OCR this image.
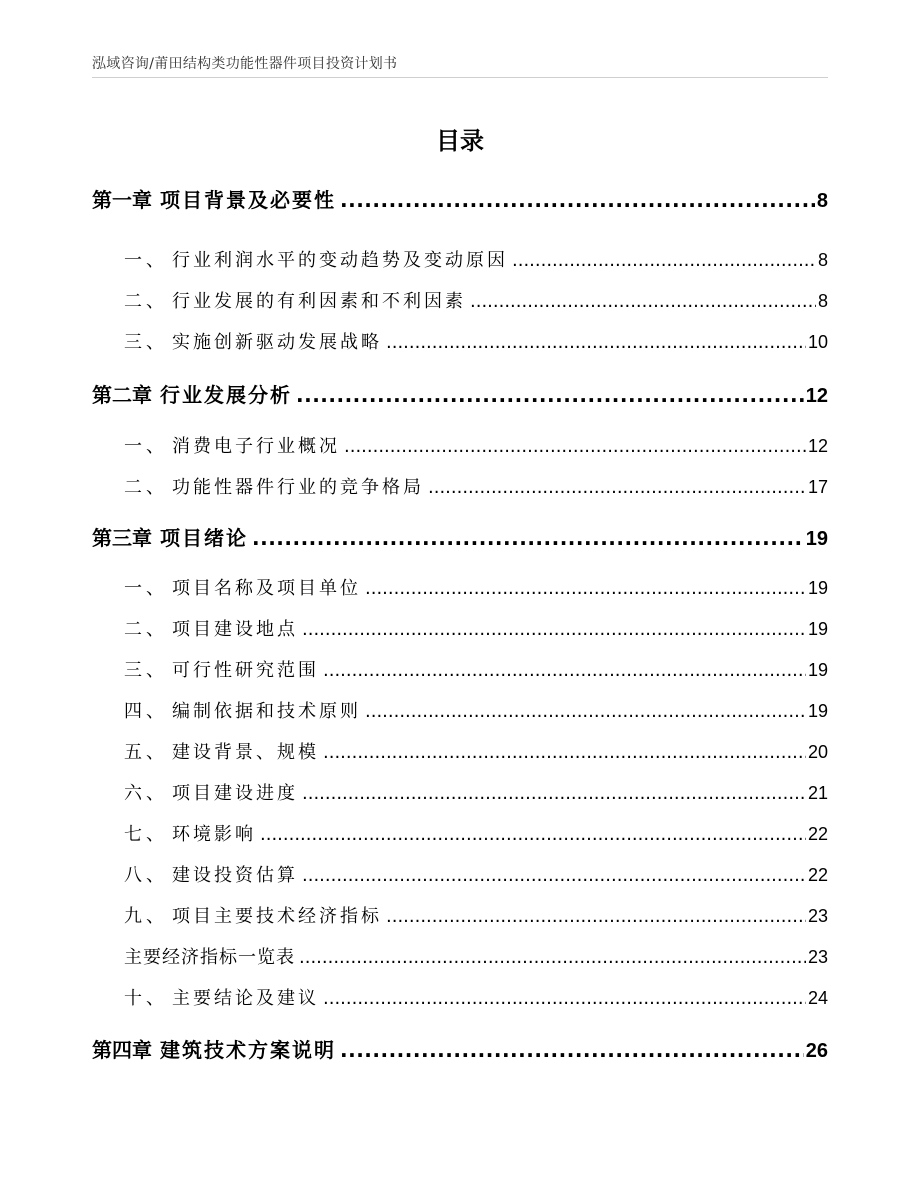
泓域咨询/莆田结构类功能性器件项目投资计划书
目录
第一章 项目背景及必要性 .....	8
一、 行业利润水平的变动趋势及变动原因 .....	8
二、 行业发展的有利因素和不利因素 .....	8
三、 实施创新驱动发展战略 .....	10
第二章 行业发展分析 .....	12
一、 消费电子行业概况 .....	12
二、 功能性器件行业的竞争格局 .....	17
第三章 项目绪论 .....	19
一、 项目名称及项目单位 .....	19
二、 项目建设地点 .....	19
三、 可行性研究范围 .....	19
四、 编制依据和技术原则 .....	19
五、 建设背景、规模 .....	20
六、 项目建设进度 .....	21
七、 环境影响 .....	22
八、 建设投资估算 .....	22
九、 项目主要技术经济指标 .....	23
主要经济指标一览表 .....	23
十、 主要结论及建议 .....	24
第四章 建筑技术方案说明 .....	26
